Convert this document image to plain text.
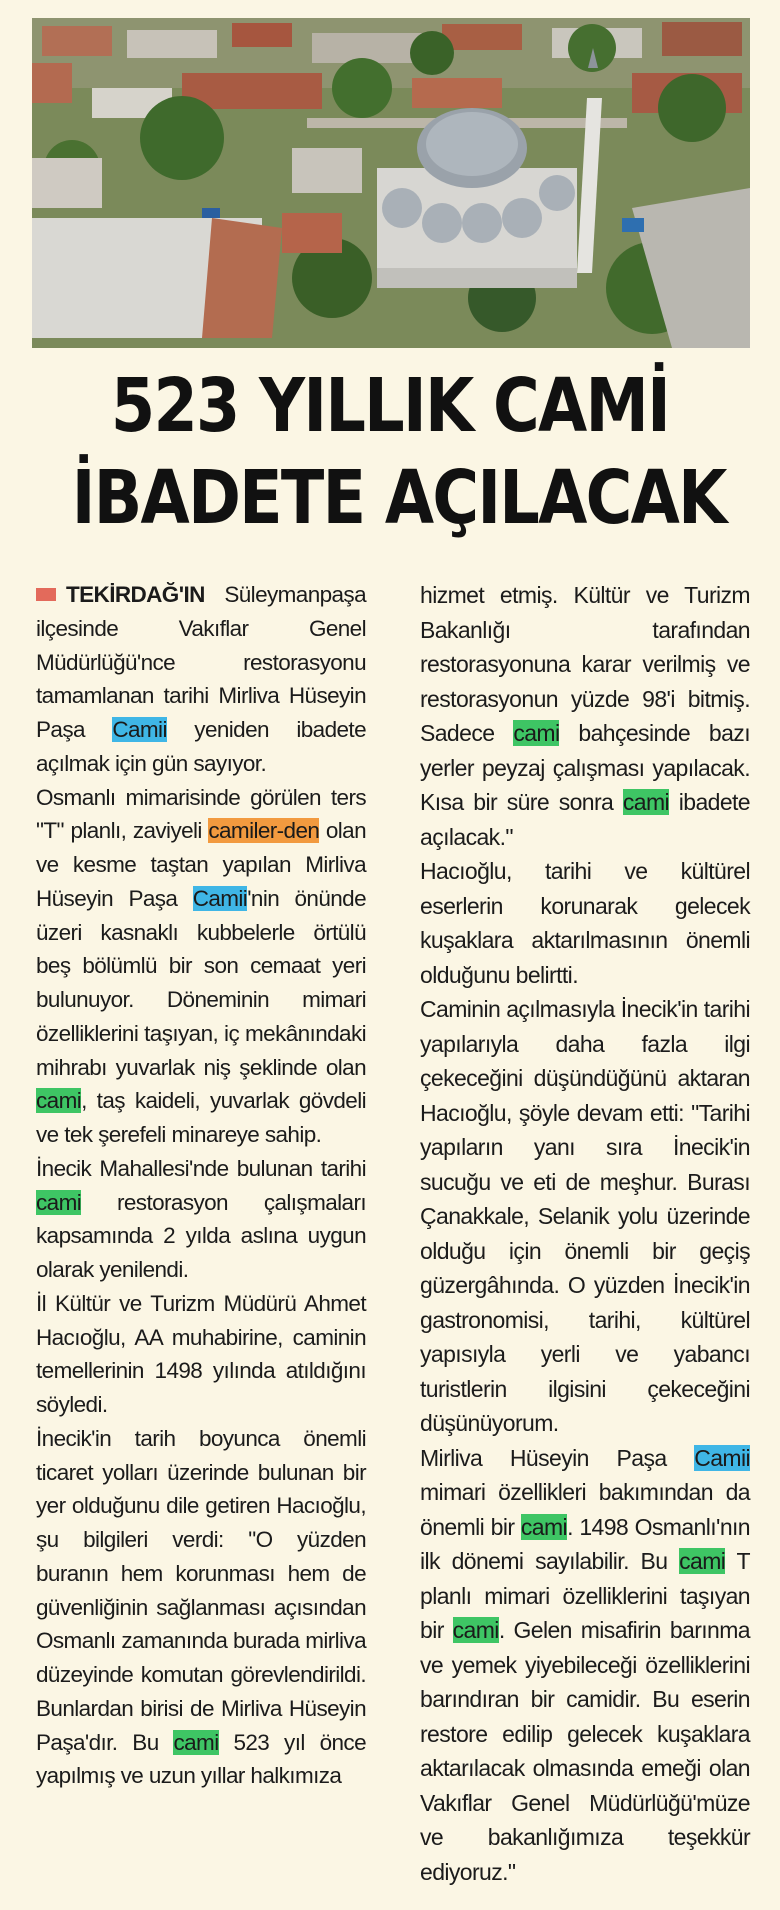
523 YILLIK CAMİ
İBADETE AÇILACAK

TEKİRDAĞ'IN Süleymanpaşa ilçesinde Vakıflar Genel Müdürlüğü'nce restorasyonu tamamlanan tarihi Mirliva Hüseyin Paşa Camii yeniden ibadete açılmak için gün sayıyor.

Osmanlı mimarisinde görülen ters "T" planlı, zaviyeli camiler-den olan ve kesme taştan yapılan Mirliva Hüseyin Paşa Camii'nin önünde üzeri kasnaklı kubbelerle örtülü beş bölümlü bir son cemaat yeri bulunuyor. Döneminin mimari özelliklerini taşıyan, iç mekânındaki mihrabı yuvarlak niş şeklinde olan cami, taş kaideli, yuvarlak gövdeli ve tek şerefeli minareye sahip.

İnecik Mahallesi'nde bulunan tarihi cami restorasyon çalışmaları kapsamında 2 yılda aslına uygun olarak yenilendi.

İl Kültür ve Turizm Müdürü Ahmet Hacıoğlu, AA muhabirine, caminin temellerinin 1498 yılında atıldığını söyledi.

İnecik'in tarih boyunca önemli ticaret yolları üzerinde bulunan bir yer olduğunu dile getiren Hacıoğlu, şu bilgileri verdi: "O yüzden buranın hem korunması hem de güvenliğinin sağlanması açısından Osmanlı zamanında burada mirliva düzeyinde komutan görevlendirildi. Bunlardan birisi de Mirliva Hüseyin Paşa'dır. Bu cami 523 yıl önce yapılmış ve uzun yıllar halkımıza

hizmet etmiş. Kültür ve Turizm Bakanlığı tarafından restorasyonuna karar verilmiş ve restorasyonun yüzde 98'i bitmiş. Sadece cami bahçesinde bazı yerler peyzaj çalışması yapılacak. Kısa bir süre sonra cami ibadete açılacak."

Hacıoğlu, tarihi ve kültürel eserlerin korunarak gelecek kuşaklara aktarılmasının önemli olduğunu belirtti.

Caminin açılmasıyla İnecik'in tarihi yapılarıyla daha fazla ilgi çekeceğini düşündüğünü aktaran Hacıoğlu, şöyle devam etti: "Tarihi yapıların yanı sıra İnecik'in sucuğu ve eti de meşhur. Burası Çanakkale, Selanik yolu üzerinde olduğu için önemli bir geçiş güzergâhında. O yüzden İnecik'in gastronomisi, tarihi, kültürel yapısıyla yerli ve yabancı turistlerin ilgisini çekeceğini düşünüyorum.

Mirliva Hüseyin Paşa Camii mimari özellikleri bakımından da önemli bir cami. 1498 Osmanlı'nın ilk dönemi sayılabilir. Bu cami T planlı mimari özelliklerini taşıyan bir cami. Gelen misafirin barınma ve yemek yiyebileceği özelliklerini barındıran bir camidir. Bu eserin restore edilip gelecek kuşaklara aktarılacak olmasında emeği olan Vakıflar Genel Müdürlüğü'müze ve bakanlığımıza teşekkür ediyoruz."
